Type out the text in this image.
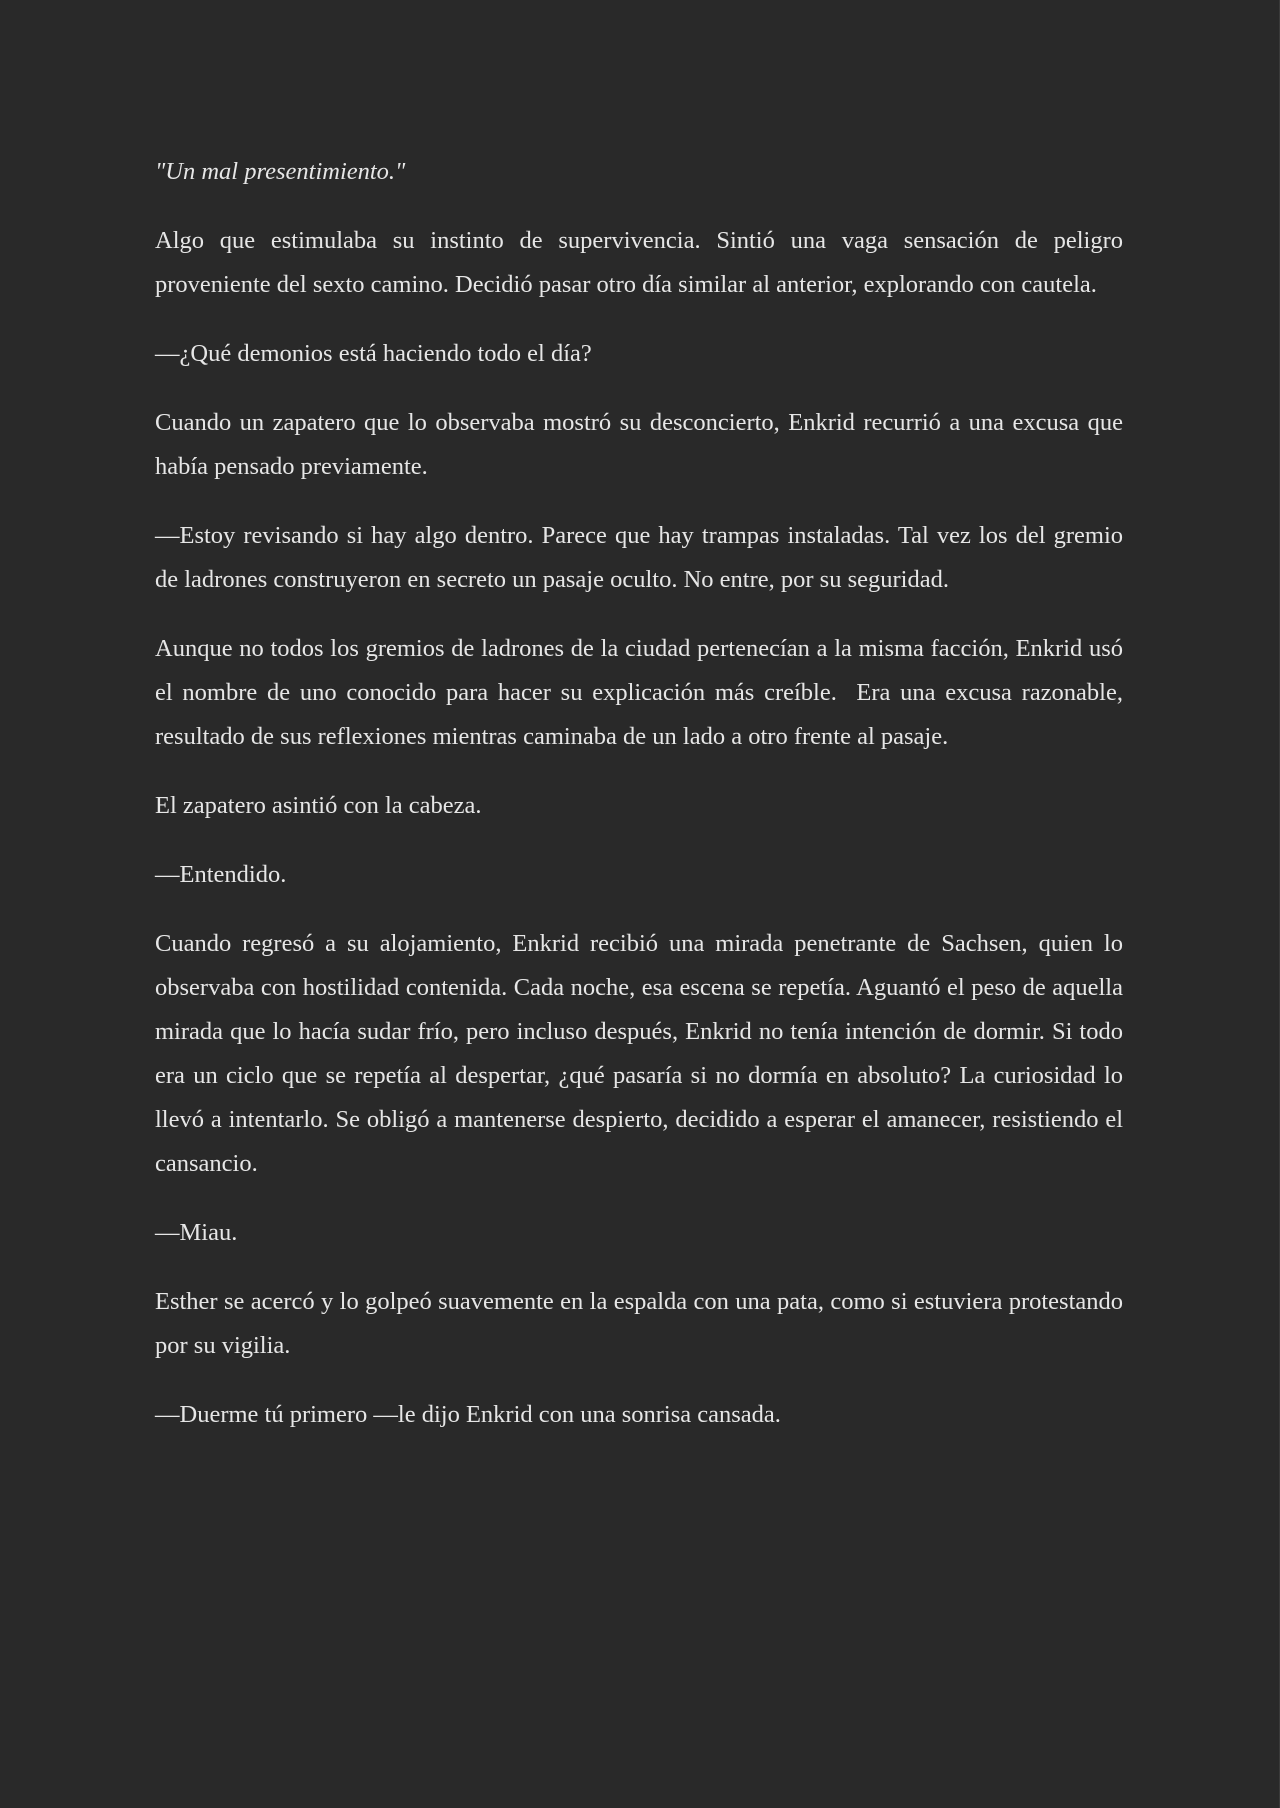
"Un mal presentimiento."

Algo que estimulaba su instinto de supervivencia. Sintió una vaga sensación de peligro proveniente del sexto camino. Decidió pasar otro día similar al anterior, explorando con cautela.

—¿Qué demonios está haciendo todo el día?

Cuando un zapatero que lo observaba mostró su desconcierto, Enkrid recurrió a una excusa que había pensado previamente.

—Estoy revisando si hay algo dentro. Parece que hay trampas instaladas. Tal vez los del gremio de ladrones construyeron en secreto un pasaje oculto. No entre, por su seguridad.

Aunque no todos los gremios de ladrones de la ciudad pertenecían a la misma facción, Enkrid usó el nombre de uno conocido para hacer su explicación más creíble.  Era una excusa razonable, resultado de sus reflexiones mientras caminaba de un lado a otro frente al pasaje.

El zapatero asintió con la cabeza.

—Entendido.

Cuando regresó a su alojamiento, Enkrid recibió una mirada penetrante de Sachsen, quien lo observaba con hostilidad contenida. Cada noche, esa escena se repetía. Aguantó el peso de aquella mirada que lo hacía sudar frío, pero incluso después, Enkrid no tenía intención de dormir. Si todo era un ciclo que se repetía al despertar, ¿qué pasaría si no dormía en absoluto? La curiosidad lo llevó a intentarlo. Se obligó a mantenerse despierto, decidido a esperar el amanecer, resistiendo el cansancio.

—Miau.

Esther se acercó y lo golpeó suavemente en la espalda con una pata, como si estuviera protestando por su vigilia.

—Duerme tú primero —le dijo Enkrid con una sonrisa cansada.
